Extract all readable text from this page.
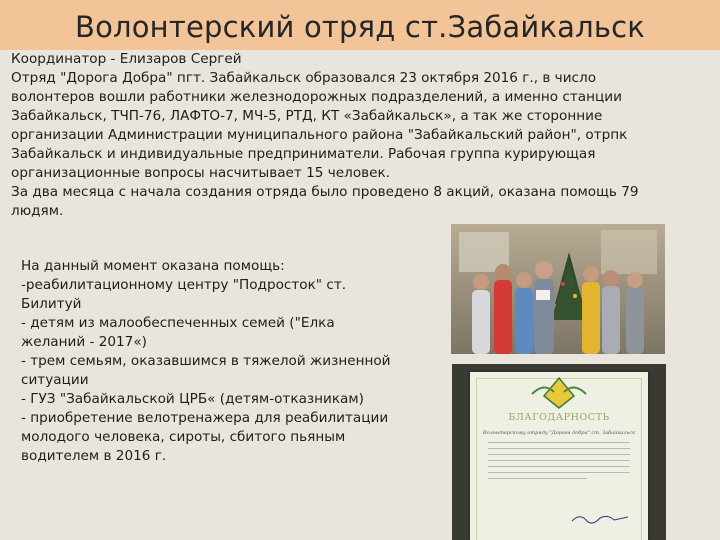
Волонтерский отряд ст.Забайкальск

Координатор - Елизаров Сергей

Отряд "Дорога Добра" пгт. Забайкальск образовался 23 октября 2016 г., в число

волонтеров вошли работники железнодорожных подразделений, а именно станции

Забайкальск, ТЧП-76, ЛАФТО-7, МЧ-5, РТД, КТ «Забайкальск», а так же сторонние

организации Администрации муниципального района "Забайкальский район", отрпк

Забайкальск и индивидуальные предприниматели. Рабочая группа курирующая

организационные вопросы насчитывает 15 человек.

За два месяца с начала создания отряда было проведено 8 акций, оказана помощь 79

людям.

На данный момент оказана помощь:

-реабилитационному центру "Подросток" ст.

Билитуй

- детям из малообеспеченных семей ("Елка

желаний - 2017«)

- трем семьям, оказавшимся в тяжелой жизненной

ситуации

- ГУЗ "Забайкальской ЦРБ« (детям-отказникам)

- приобретение велотренажера для реабилитации

молодого человека, сироты, сбитого пьяным

водителем в 2016 г.

БЛАГОДАРНОСТЬ
Волонтерскому отряду "Дорога добра" ст. Забайкальск
